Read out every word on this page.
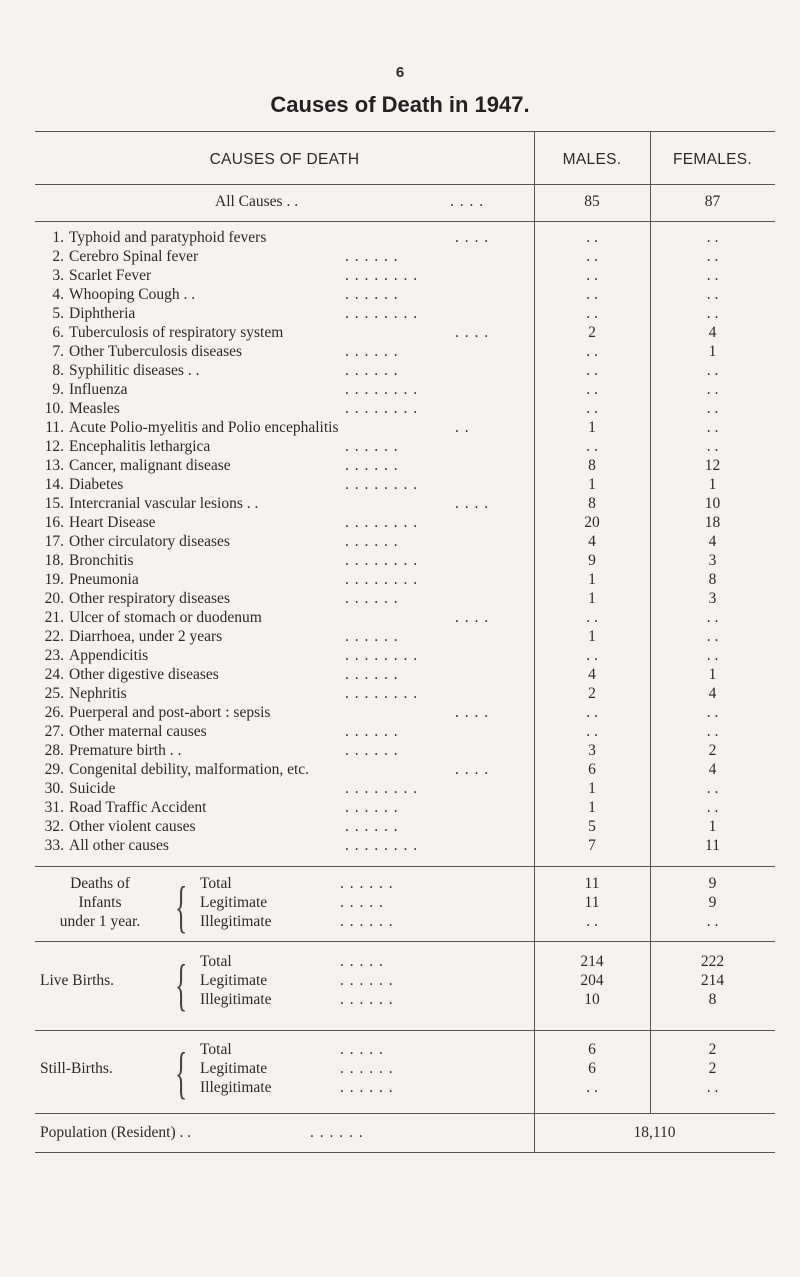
6
Causes of Death in 1947.
CAUSES OF DEATH	MALES.	FEMALES.
All Causes . .	. . . .	85	87
1. Typhoid and paratyphoid fevers	. . . .	. .	. .
2. Cerebro Spinal fever	. . . . . .	. .	. .
3. Scarlet Fever	. . . . . . . .	. .	. .
4. Whooping Cough . .	. . . . . .	. .	. .
5. Diphtheria	. . . . . . . .	. .	. .
6. Tuberculosis of respiratory system	. . . .	2	4
7. Other Tuberculosis diseases	. . . . . .	. .	1
8. Syphilitic diseases . .	. . . . . .	. .	. .
9. Influenza	. . . . . . . .	. .	. .
10. Measles	. . . . . . . .	. .	. .
11. Acute Polio-myelitis and Polio encephalitis	. .	1	. .
12. Encephalitis lethargica	. . . . . .	. .	. .
13. Cancer, malignant disease	. . . . . .	8	12
14. Diabetes	. . . . . . . .	1	1
15. Intercranial vascular lesions . .	. . . .	8	10
16. Heart Disease	. . . . . . . .	20	18
17. Other circulatory diseases	. . . . . .	4	4
18. Bronchitis	. . . . . . . .	9	3
19. Pneumonia	. . . . . . . .	1	8
20. Other respiratory diseases	. . . . . .	1	3
21. Ulcer of stomach or duodenum	. . . .	. .	. .
22. Diarrhoea, under 2 years	. . . . . .	1	. .
23. Appendicitis	. . . . . . . .	. .	. .
24. Other digestive diseases	. . . . . .	4	1
25. Nephritis	. . . . . . . .	2	4
26. Puerperal and post-abort : sepsis	. . . .	. .	. .
27. Other maternal causes	. . . . . .	. .	. .
28. Premature birth . .	. . . . . .	3	2
29. Congenital debility, malformation, etc.	. . . .	6	4
30. Suicide	. . . . . . . .	1	. .
31. Road Traffic Accident	. . . . . .	1	. .
32. Other violent causes	. . . . . .	5	1
33. All other causes	. . . . . . . .	7	11
Deaths of
Infants
under 1 year. { Total	. . . . . .	11	9
Legitimate	. . . . .	11	9
Illegitimate	. . . . . .	. .	. .
Live Births. { Total	. . . . .	214	222
Legitimate	. . . . . .	204	214
Illegitimate	. . . . . .	10	8
Still-Births. { Total	. . . . .	6	2
Legitimate	. . . . . .	6	2
Illegitimate	. . . . . .	. .	. .
Population (Resident) . .	. . . . . .	18,110
